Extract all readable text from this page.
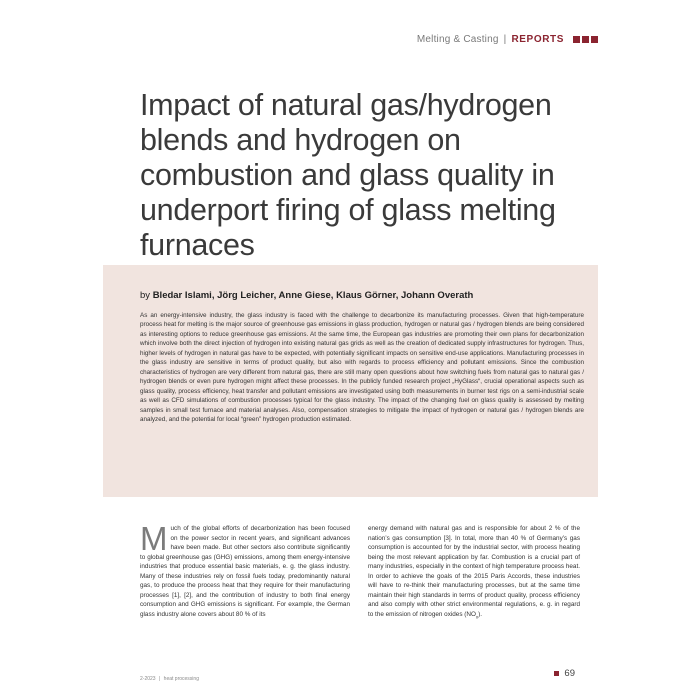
Melting & Casting | REPORTS
Impact of natural gas/hydrogen blends and hydrogen on combustion and glass quality in underport firing of glass melting furnaces

by Bledar Islami, Jörg Leicher, Anne Giese, Klaus Görner, Johann Overath

As an energy-intensive industry, the glass industry is faced with the challenge to decarbonize its manufacturing processes. Given that high-temperature process heat for melting is the major source of greenhouse gas emissions in glass production, hydrogen or natural gas / hydrogen blends are being considered as interesting options to reduce greenhouse gas emissions. At the same time, the European gas industries are promoting their own plans for decarbonization which involve both the direct injection of hydrogen into existing natural gas grids as well as the creation of dedicated supply infrastructures for hydrogen. Thus, higher levels of hydrogen in natural gas have to be expected, with potentially significant impacts on sensitive end-use applications. Manufacturing processes in the glass industry are sensitive in terms of product quality, but also with regards to process efficiency and pollutant emissions. Since the combustion characteristics of hydrogen are very different from natural gas, there are still many open questions about how switching fuels from natural gas to natural gas / hydrogen blends or even pure hydrogen might affect these processes. In the publicly funded research project „HyGlass“, crucial operational aspects such as glass quality, process efficiency, heat transfer and pollutant emissions are investigated using both measurements in burner test rigs on a semi-industrial scale as well as CFD simulations of combustion processes typical for the glass industry. The impact of the changing fuel on glass quality is assessed by melting samples in small test furnace and material analyses. Also, compensation strategies to mitigate the impact of hydrogen or natural gas / hydrogen blends are analyzed, and the potential for local “green” hydrogen production estimated.

Much of the global efforts of decarbonization has been focused on the power sector in recent years, and significant advances have been made. But other sectors also contribute significantly to global greenhouse gas (GHG) emissions, among them energy-intensive industries that produce essential basic materials, e. g. the glass industry. Many of these industries rely on fossil fuels today, predominantly natural gas, to produce the process heat that they require for their manufacturing processes [1], [2], and the contribution of industry to both final energy consumption and GHG emissions is significant. For example, the German glass industry alone covers about 80 % of its

energy demand with natural gas and is responsible for about 2 % of the nation’s gas consumption [3]. In total, more than 40 % of Germany’s gas consumption is accounted for by the industrial sector, with process heating being the most relevant application by far. Combustion is a crucial part of many industries, especially in the context of high temperature process heat. In order to achieve the goals of the 2015 Paris Accords, these industries will have to re-think their manufacturing processes, but at the same time maintain their high standards in terms of product quality, process efficiency and also comply with other strict environmental regulations, e. g. in regard to the emission of nitrogen oxides $(NO_x)$.

2-2023 | heat processing	69
